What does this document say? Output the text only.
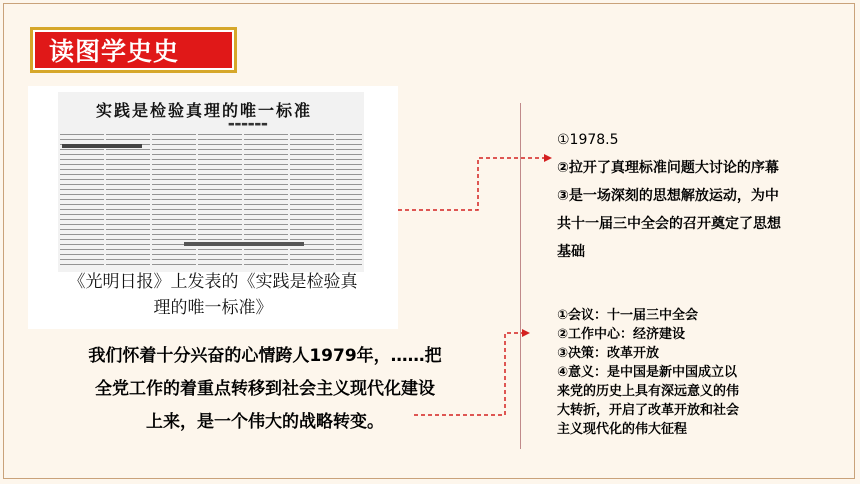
读图学史史
实践是检验真理的唯一标准
▬▬▬▬▬▬
《光明日报》上发表的《实践是检验真
理的唯一标准》
我们怀着十分兴奋的心情跨人1979年，……把
全党工作的着重点转移到社会主义现代化建设
上来，是一个伟大的战略转变。
①1978.5
②拉开了真理标准问题大讨论的序幕
③是一场深刻的思想解放运动，为中
共十一届三中全会的召开奠定了思想
基础
①会议：十一届三中全会
②工作中心：经济建设
③决策：改革开放
④意义：是中国是新中国成立以
来党的历史上具有深远意义的伟
大转折，开启了改革开放和社会
主义现代化的伟大征程
